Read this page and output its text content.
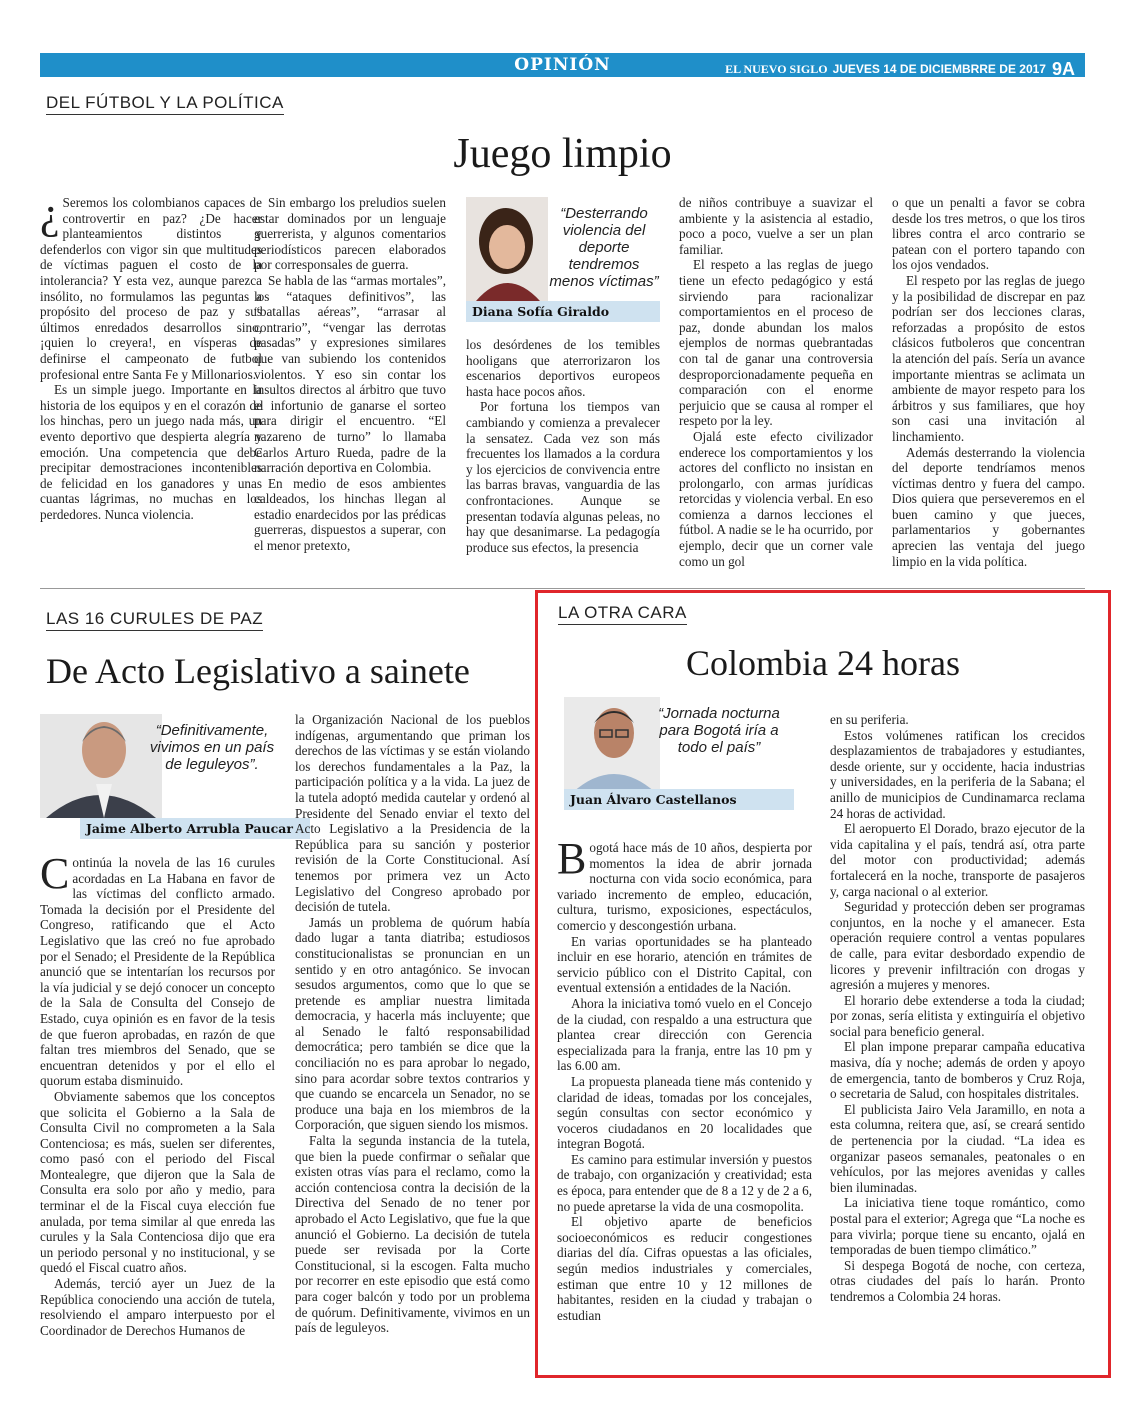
OPINIÓN	EL NUEVO SIGLO JUEVES 14 DE DICIEMBRRE DE 2017 9A
DEL FÚTBOL Y LA POLÍTICA
Juego limpio

¿ Seremos los colombianos capaces de controvertir en paz? ¿De hacer planteamientos distintos y defenderlos con vigor sin que multitudes de víctimas paguen el costo de la intolerancia? Y esta vez, aunque parezca insólito, no formulamos las peguntas a propósito del proceso de paz y sus últimos enredados desarrollos sino, ¡quien lo creyera!, en vísperas de definirse el campeonato de futbol profesional entre Santa Fe y Millonarios.

Es un simple juego. Importante en la historia de los equipos y en el corazón de los hinchas, pero un juego nada más, un evento deportivo que despierta alegría y emoción. Una competencia que debe precipitar demostraciones incontenibles de felicidad en los ganadores y unas cuantas lágrimas, no muchas en los perdedores. Nunca violencia.

Sin embargo los preludios suelen estar dominados por un lenguaje guerrerista, y algunos comentarios periodísticos parecen elaborados por corresponsales de guerra.

Se habla de las “armas mortales”, los “ataques definitivos”, las “batallas aéreas”, “arrasar al contrario”, “vengar las derrotas pasadas” y expresiones similares que van subiendo los contenidos violentos. Y eso sin contar los insultos directos al árbitro que tuvo el infortunio de ganarse el sorteo para dirigir el encuentro. “El nazareno de turno” lo llamaba Carlos Arturo Rueda, padre de la narración deportiva en Colombia.

En medio de esos ambientes caldeados, los hinchas llegan al estadio enardecidos por las prédicas guerreras, dispuestos a superar, con el menor pretexto,

“Desterrando violencia del deporte tendremos menos víctimas”
Diana Sofía Giraldo

los desórdenes de los temibles hooligans que aterrorizaron los escenarios deportivos europeos hasta hace pocos años.

Por fortuna los tiempos van cambiando y comienza a prevalecer la sensatez. Cada vez son más frecuentes los llamados a la cordura y los ejercicios de convivencia entre las barras bravas, vanguardia de las confrontaciones. Aunque se presentan todavía algunas peleas, no hay que desanimarse. La pedagogía produce sus efectos, la presencia

de niños contribuye a suavizar el ambiente y la asistencia al estadio, poco a poco, vuelve a ser un plan familiar.

El respeto a las reglas de juego tiene un efecto pedagógico y está sirviendo para racionalizar comportamientos en el proceso de paz, donde abundan los malos ejemplos de normas quebrantadas con tal de ganar una controversia desproporcionadamente pequeña en comparación con el enorme perjuicio que se causa al romper el respeto por la ley.

Ojalá este efecto civilizador enderece los comportamientos y los actores del conflicto no insistan en prolongarlo, con armas jurídicas retorcidas y violencia verbal. En eso comienza a darnos lecciones el fútbol. A nadie se le ha ocurrido, por ejemplo, decir que un corner vale como un gol

o que un penalti a favor se cobra desde los tres metros, o que los tiros libres contra el arco contrario se patean con el portero tapando con los ojos vendados.

El respeto por las reglas de juego y la posibilidad de discrepar en paz podrían ser dos lecciones claras, reforzadas a propósito de estos clásicos futboleros que concentran la atención del país. Sería un avance importante mientras se aclimata un ambiente de mayor respeto para los árbitros y sus familiares, que hoy son casi una invitación al linchamiento.

Además desterrando la violencia del deporte tendríamos menos víctimas dentro y fuera del campo. Dios quiera que perseveremos en el buen camino y que jueces, parlamentarios y gobernantes aprecien las ventaja del juego limpio en la vida política.

LAS 16 CURULES DE PAZ
De Acto Legislativo a sainete
“Definitivamente, vivimos en un país de leguleyos”.
Jaime Alberto Arrubla Paucar

Continúa la novela de las 16 curules acordadas en La Habana en favor de las víctimas del conflicto armado. Tomada la decisión por el Presidente del Congreso, ratificando que el Acto Legislativo que las creó no fue aprobado por el Senado; el Presidente de la República anunció que se intentarían los recursos por la vía judicial y se dejó conocer un concepto de la Sala de Consulta del Consejo de Estado, cuya opinión es en favor de la tesis de que fueron aprobadas, en razón de que faltan tres miembros del Senado, que se encuentran detenidos y por el ello el quorum estaba disminuido.

Obviamente sabemos que los conceptos que solicita el Gobierno a la Sala de Consulta Civil no comprometen a la Sala Contenciosa; es más, suelen ser diferentes, como pasó con el periodo del Fiscal Montealegre, que dijeron que la Sala de Consulta era solo por año y medio, para terminar el de la Fiscal cuya elección fue anulada, por tema similar al que enreda las curules y la Sala Contenciosa dijo que era un periodo personal y no institucional, y se quedó el Fiscal cuatro años.

Además, terció ayer un Juez de la República conociendo una acción de tutela, resolviendo el amparo interpuesto por el Coordinador de Derechos Humanos de

la Organización Nacional de los pueblos indígenas, argumentando que priman los derechos de las víctimas y se están violando los derechos fundamentales a la Paz, la participación política y a la vida. La juez de la tutela adoptó medida cautelar y ordenó al Presidente del Senado enviar el texto del Acto Legislativo a la Presidencia de la República para su sanción y posterior revisión de la Corte Constitucional. Así tenemos por primera vez un Acto Legislativo del Congreso aprobado por decisión de tutela.

Jamás un problema de quórum había dado lugar a tanta diatriba; estudiosos constitucionalistas se pronuncian en un sentido y en otro antagónico. Se invocan sesudos argumentos, como que lo que se pretende es ampliar nuestra limitada democracia, y hacerla más incluyente; que al Senado le faltó responsabilidad democrática; pero también se dice que la conciliación no es para aprobar lo negado, sino para acordar sobre textos contrarios y que cuando se encarcela un Senador, no se produce una baja en los miembros de la Corporación, que siguen siendo los mismos.

Falta la segunda instancia de la tutela, que bien la puede confirmar o señalar que existen otras vías para el reclamo, como la acción contenciosa contra la decisión de la Directiva del Senado de no tener por aprobado el Acto Legislativo, que fue la que anunció el Gobierno. La decisión de tutela puede ser revisada por la Corte Constitucional, si la escogen. Falta mucho por recorrer en este episodio que está como para coger balcón y todo por un problema de quórum. Definitivamente, vivimos en un país de leguleyos.

LA OTRA CARA
Colombia 24 horas
“Jornada nocturna para Bogotá iría a todo el país”
Juan Álvaro Castellanos

Bogotá hace más de 10 años, despierta por momentos la idea de abrir jornada nocturna con vida socio económica, para variado incremento de empleo, educación, cultura, turismo, exposiciones, espectáculos, comercio y descongestión urbana.

En varias oportunidades se ha planteado incluir en ese horario, atención en trámites de servicio público con el Distrito Capital, con eventual extensión a entidades de la Nación.

Ahora la iniciativa tomó vuelo en el Concejo de la ciudad, con respaldo a una estructura que plantea crear dirección con Gerencia especializada para la franja, entre las 10 pm y las 6.00 am.

La propuesta planeada tiene más contenido y claridad de ideas, tomadas por los concejales, según consultas con sector económico y voceros ciudadanos en 20 localidades que integran Bogotá.

Es camino para estimular inversión y puestos de trabajo, con organización y creatividad; esta es época, para entender que de 8 a 12 y de 2 a 6, no puede apretarse la vida de una cosmopolita.

El objetivo aparte de beneficios socioeconómicos es reducir congestiones diarias del día. Cifras opuestas a las oficiales, según medios industriales y comerciales, estiman que entre 10 y 12 millones de habitantes, residen en la ciudad y trabajan o estudian

en su periferia.

Estos volúmenes ratifican los crecidos desplazamientos de trabajadores y estudiantes, desde oriente, sur y occidente, hacia industrias y universidades, en la periferia de la Sabana; el anillo de municipios de Cundinamarca reclama 24 horas de actividad.

El aeropuerto El Dorado, brazo ejecutor de la vida capitalina y el país, tendrá así, otra parte del motor con productividad; además fortalecerá en la noche, transporte de pasajeros y, carga nacional o al exterior.

Seguridad y protección deben ser programas conjuntos, en la noche y el amanecer. Esta operación requiere control a ventas populares de calle, para evitar desbordado expendio de licores y prevenir infiltración con drogas y agresión a mujeres y menores.

El horario debe extenderse a toda la ciudad; por zonas, sería elitista y extinguiría el objetivo social para beneficio general.

El plan impone preparar campaña educativa masiva, día y noche; además de orden y apoyo de emergencia, tanto de bomberos y Cruz Roja, o secretaria de Salud, con hospitales distritales.

El publicista Jairo Vela Jaramillo, en nota a esta columna, reitera que, así, se creará sentido de pertenencia por la ciudad. “La idea es organizar paseos semanales, peatonales o en vehículos, por las mejores avenidas y calles bien iluminadas.

La iniciativa tiene toque romántico, como postal para el exterior; Agrega que “La noche es para vivirla; porque tiene su encanto, ojalá en temporadas de buen tiempo climático.”

Si despega Bogotá de noche, con certeza, otras ciudades del país lo harán. Pronto tendremos a Colombia 24 horas.
